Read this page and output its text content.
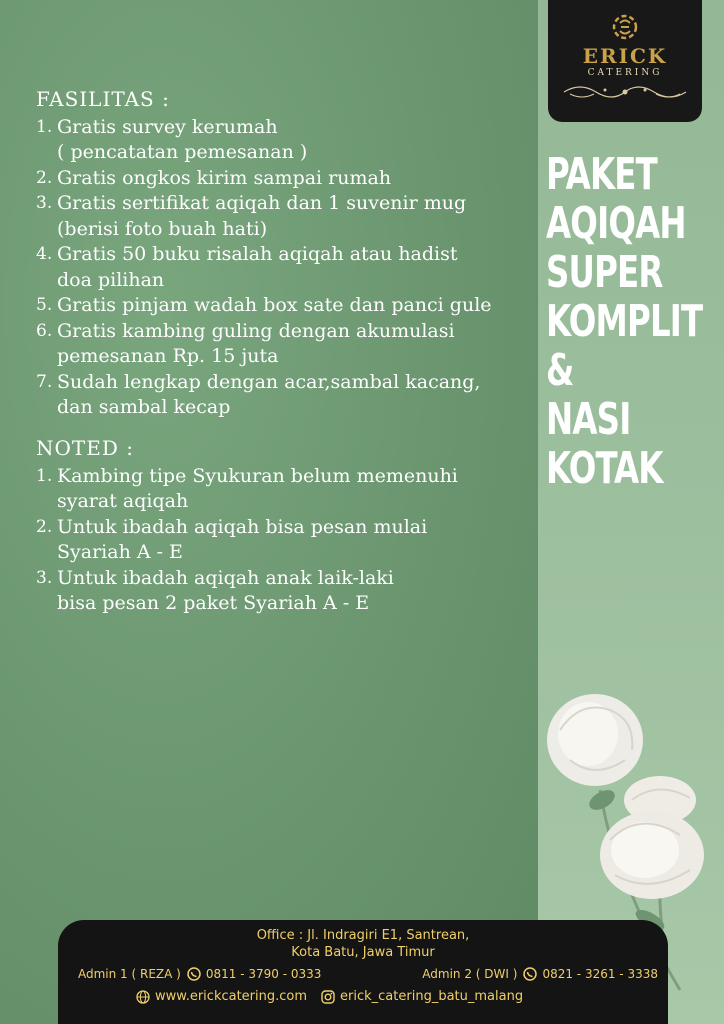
ERICK
CATERING
PAKET
AQIQAH
SUPER
KOMPLIT
&
NASI
KOTAK
FASILITAS :
1. Gratis survey kerumah
( pencatatan pemesanan )
2. Gratis ongkos kirim sampai rumah
3. Gratis sertifikat aqiqah dan 1 suvenir mug
(berisi foto buah hati)
4. Gratis 50 buku risalah aqiqah atau hadist
doa pilihan
5. Gratis pinjam wadah box sate dan panci gule
6. Gratis kambing guling dengan akumulasi
pemesanan Rp. 15 juta
7. Sudah lengkap dengan acar,sambal kacang,
dan sambal kecap
NOTED :
1. Kambing tipe Syukuran belum memenuhi
syarat aqiqah
2. Untuk ibadah aqiqah bisa pesan mulai
Syariah A - E
3. Untuk ibadah aqiqah anak laik-laki
bisa pesan 2 paket Syariah A - E
Office : Jl. Indragiri E1, Santrean,
Kota Batu, Jawa Timur
Admin 1 ( REZA ) 0811 - 3790 - 0333	Admin 2 ( DWI ) 0821 - 3261 - 3338
www.erickcatering.com	erick_catering_batu_malang
